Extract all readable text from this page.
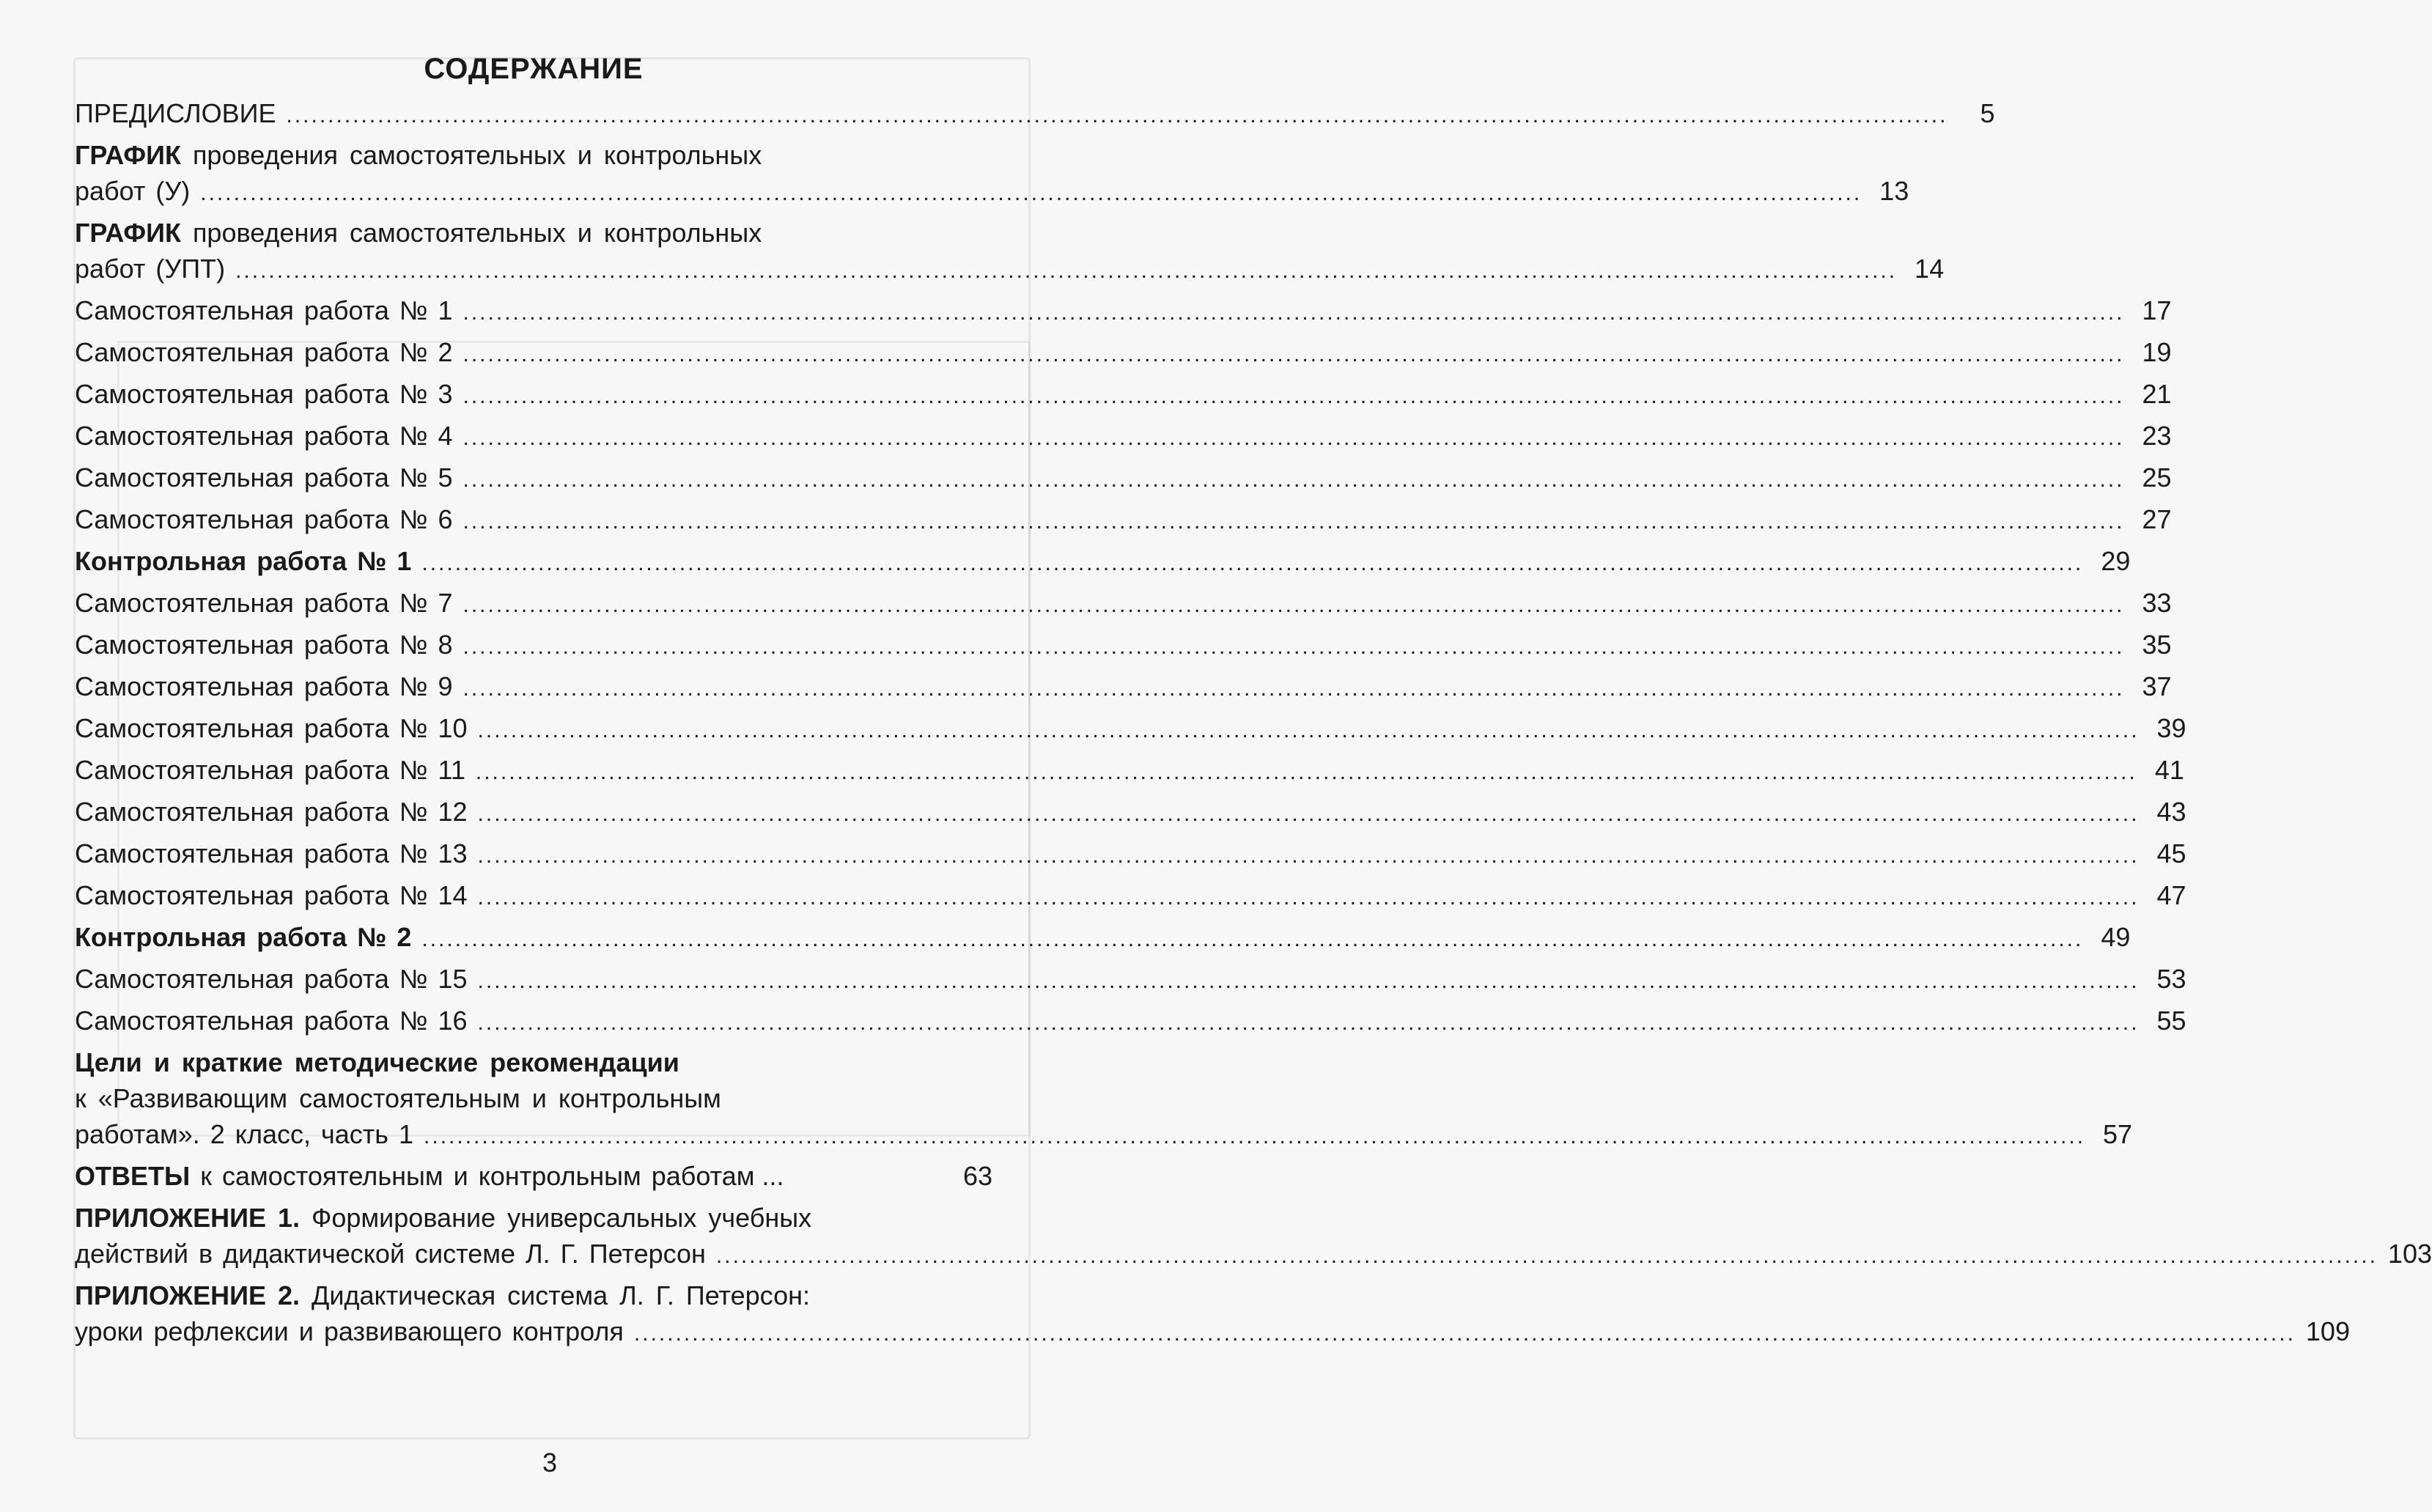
СОДЕРЖАНИЕ
ПРЕДИСЛОВИЕ ........................................................................................................................................................................................................	5
ГРАФИК проведения самостоятельных и контрольных
работ (У) ........................................................................................................................................................................................................ 13
ГРАФИК проведения самостоятельных и контрольных
работ (УПТ) ........................................................................................................................................................................................................ 14
Самостоятельная работа № 1 ........................................................................................................................................................................................................ 17
Самостоятельная работа № 2 ........................................................................................................................................................................................................ 19
Самостоятельная работа № 3 ........................................................................................................................................................................................................ 21
Самостоятельная работа № 4 ........................................................................................................................................................................................................ 23
Самостоятельная работа № 5 ........................................................................................................................................................................................................ 25
Самостоятельная работа № 6 ........................................................................................................................................................................................................ 27
Контрольная работа № 1 ........................................................................................................................................................................................................ 29
Самостоятельная работа № 7 ........................................................................................................................................................................................................ 33
Самостоятельная работа № 8 ........................................................................................................................................................................................................ 35
Самостоятельная работа № 9 ........................................................................................................................................................................................................ 37
Самостоятельная работа № 10 ........................................................................................................................................................................................................ 39
Самостоятельная работа № 11 ........................................................................................................................................................................................................ 41
Самостоятельная работа № 12 ........................................................................................................................................................................................................ 43
Самостоятельная работа № 13 ........................................................................................................................................................................................................ 45
Самостоятельная работа № 14 ........................................................................................................................................................................................................ 47
Контрольная работа № 2 ........................................................................................................................................................................................................ 49
Самостоятельная работа № 15 ........................................................................................................................................................................................................ 53
Самостоятельная работа № 16 ........................................................................................................................................................................................................ 55
Цели и краткие методические рекомендации
к «Развивающим самостоятельным и контрольным
работам». 2 класс, часть 1 ........................................................................................................................................................................................................ 57
ОТВЕТЫ к самостоятельным и контрольным работам ...	63
ПРИЛОЖЕНИЕ 1. Формирование универсальных учебных
действий в дидактической системе Л. Г. Петерсон ........................................................................................................................................................................................................ 103
ПРИЛОЖЕНИЕ 2. Дидактическая система Л. Г. Петерсон:
уроки рефлексии и развивающего контроля ........................................................................................................................................................................................................ 109
3
